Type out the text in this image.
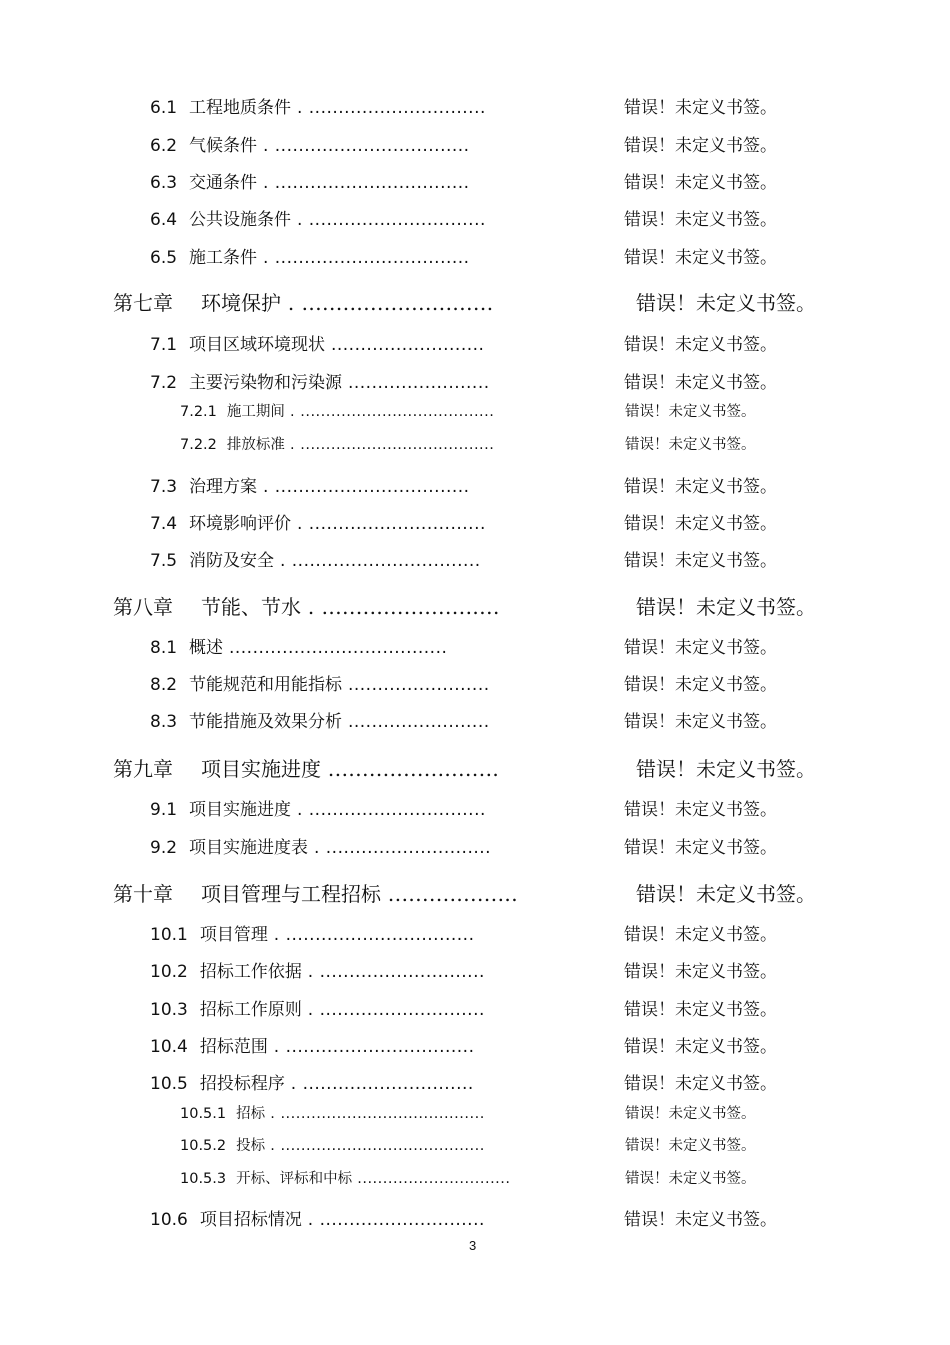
6.1 工程地质条件 . ..............................	错误！未定义书签。
6.2 气候条件 . .................................	错误！未定义书签。
6.3 交通条件 . .................................	错误！未定义书签。
6.4 公共设施条件 . ..............................	错误！未定义书签。
6.5 施工条件 . .................................	错误！未定义书签。
第七章 环境保护 . ............................	错误！未定义书签。
7.1 项目区域环境现状 ..........................	错误！未定义书签。
7.2 主要污染物和污染源 ........................	错误！未定义书签。
7.2.1 施工期间 . ......................................	错误！未定义书签。
7.2.2 排放标准 . ......................................	错误！未定义书签。
7.3 治理方案 . .................................	错误！未定义书签。
7.4 环境影响评价 . ..............................	错误！未定义书签。
7.5 消防及安全 . ................................	错误！未定义书签。
第八章 节能、节水 . ..........................	错误！未定义书签。
8.1 概述 .....................................	错误！未定义书签。
8.2 节能规范和用能指标 ........................	错误！未定义书签。
8.3 节能措施及效果分析 ........................	错误！未定义书签。
第九章 项目实施进度 .........................	错误！未定义书签。
9.1 项目实施进度 . ..............................	错误！未定义书签。
9.2 项目实施进度表 . ............................	错误！未定义书签。
第十章 项目管理与工程招标 ...................	错误！未定义书签。
10.1 项目管理 . ................................	错误！未定义书签。
10.2 招标工作依据 . ............................	错误！未定义书签。
10.3 招标工作原则 . ............................	错误！未定义书签。
10.4 招标范围 . ................................	错误！未定义书签。
10.5 招投标程序 . .............................	错误！未定义书签。
10.5.1 招标 . ........................................	错误！未定义书签。
10.5.2 投标 . ........................................	错误！未定义书签。
10.5.3 开标、评标和中标 ..............................	错误！未定义书签。
10.6 项目招标情况 . ............................	错误！未定义书签。
3
